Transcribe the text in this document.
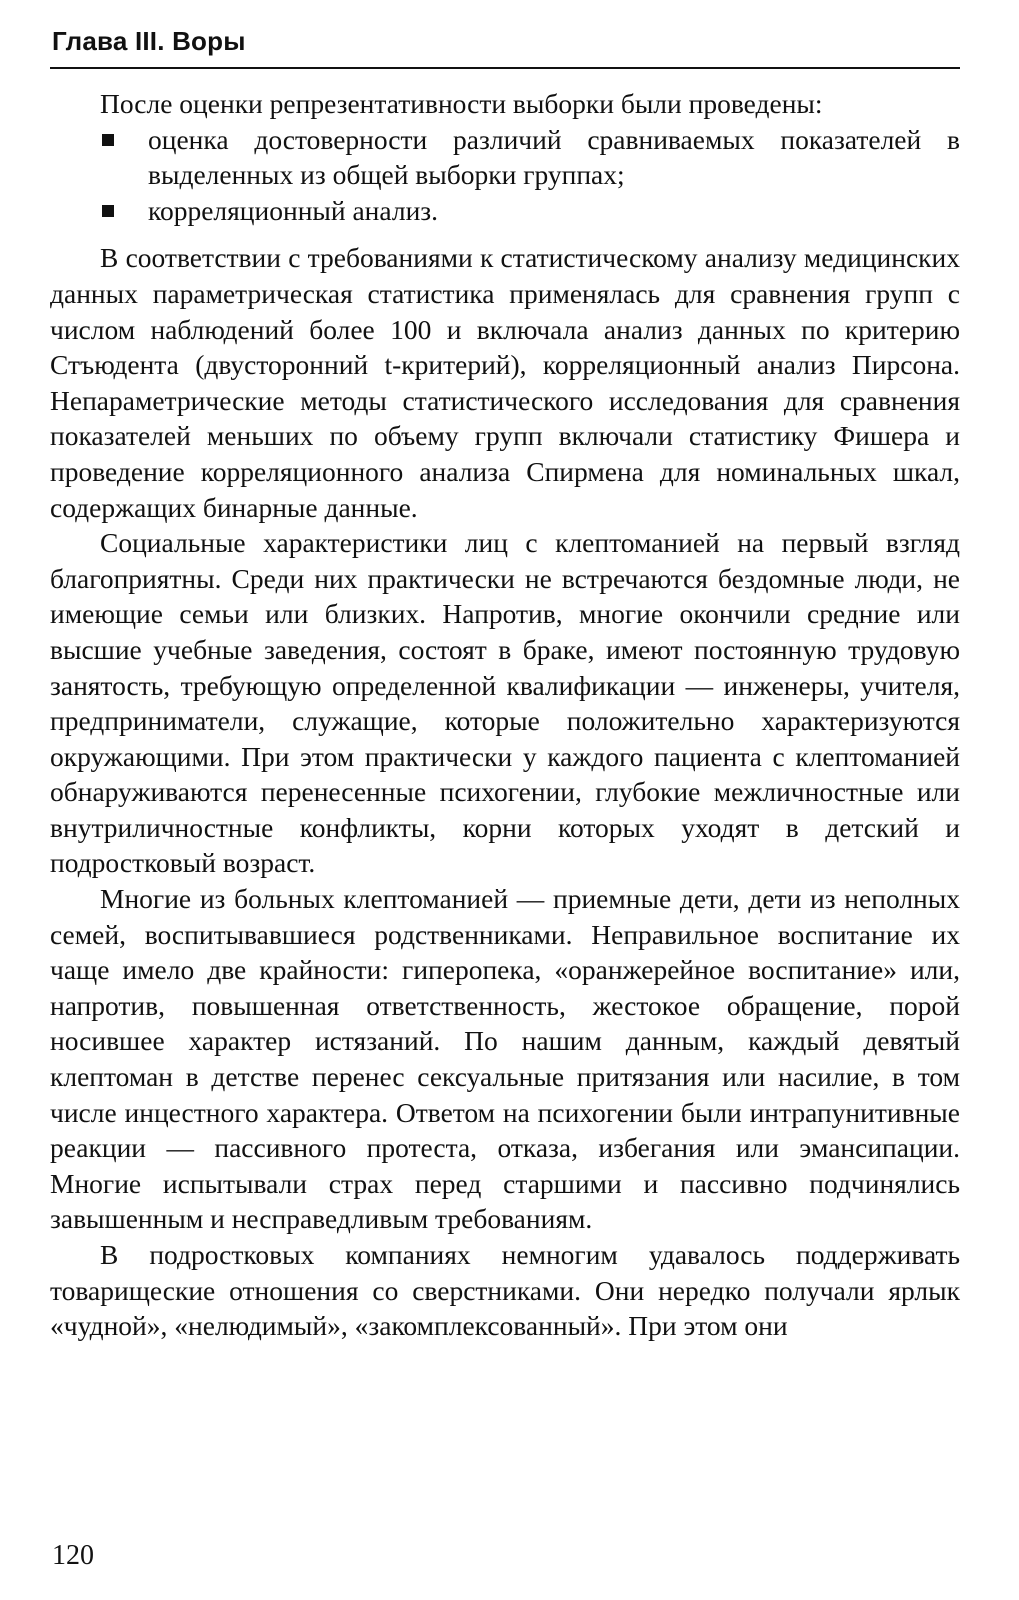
Глава III. Воры

После оценки репрезентативности выборки были проведены:

оценка достоверности различий сравниваемых показателей в выделенных из общей выборки группах;
корреляционный анализ.

В соответствии с требованиями к статистическому анализу медицинских данных параметрическая статистика применялась для сравнения групп с числом наблюдений более 100 и включала анализ данных по критерию Стъюдента (двусторонний t-критерий), корреляционный анализ Пирсона. Непараметрические методы статистического исследования для сравнения показателей меньших по объему групп включали статистику Фишера и проведение корреляционного анализа Спирмена для номинальных шкал, содержащих бинарные данные.

Социальные характеристики лиц с клептоманией на первый взгляд благоприятны. Среди них практически не встречаются бездомные люди, не имеющие семьи или близких. Напротив, многие окончили средние или высшие учебные заведения, состоят в браке, имеют постоянную трудовую занятость, требующую определенной квалификации — инженеры, учителя, предприниматели, служащие, которые положительно характеризуются окружающими. При этом практически у каждого пациента с клептоманией обнаруживаются перенесенные психогении, глубокие межличностные или внутриличностные конфликты, корни которых уходят в детский и подростковый возраст.

Многие из больных клептоманией — приемные дети, дети из неполных семей, воспитывавшиеся родственниками. Неправильное воспитание их чаще имело две крайности: гиперопека, «оранжерейное воспитание» или, напротив, повышенная ответственность, жестокое обращение, порой носившее характер истязаний. По нашим данным, каждый девятый клептоман в детстве перенес сексуальные притязания или насилие, в том числе инцестного характера. Ответом на психогении были интрапунитивные реакции — пассивного протеста, отказа, избегания или эмансипации. Многие испытывали страх перед старшими и пассивно подчинялись завышенным и несправедливым требованиям.

В подростковых компаниях немногим удавалось поддерживать товарищеские отношения со сверстниками. Они нередко получали ярлык «чудной», «нелюдимый», «закомплексованный». При этом они

120
